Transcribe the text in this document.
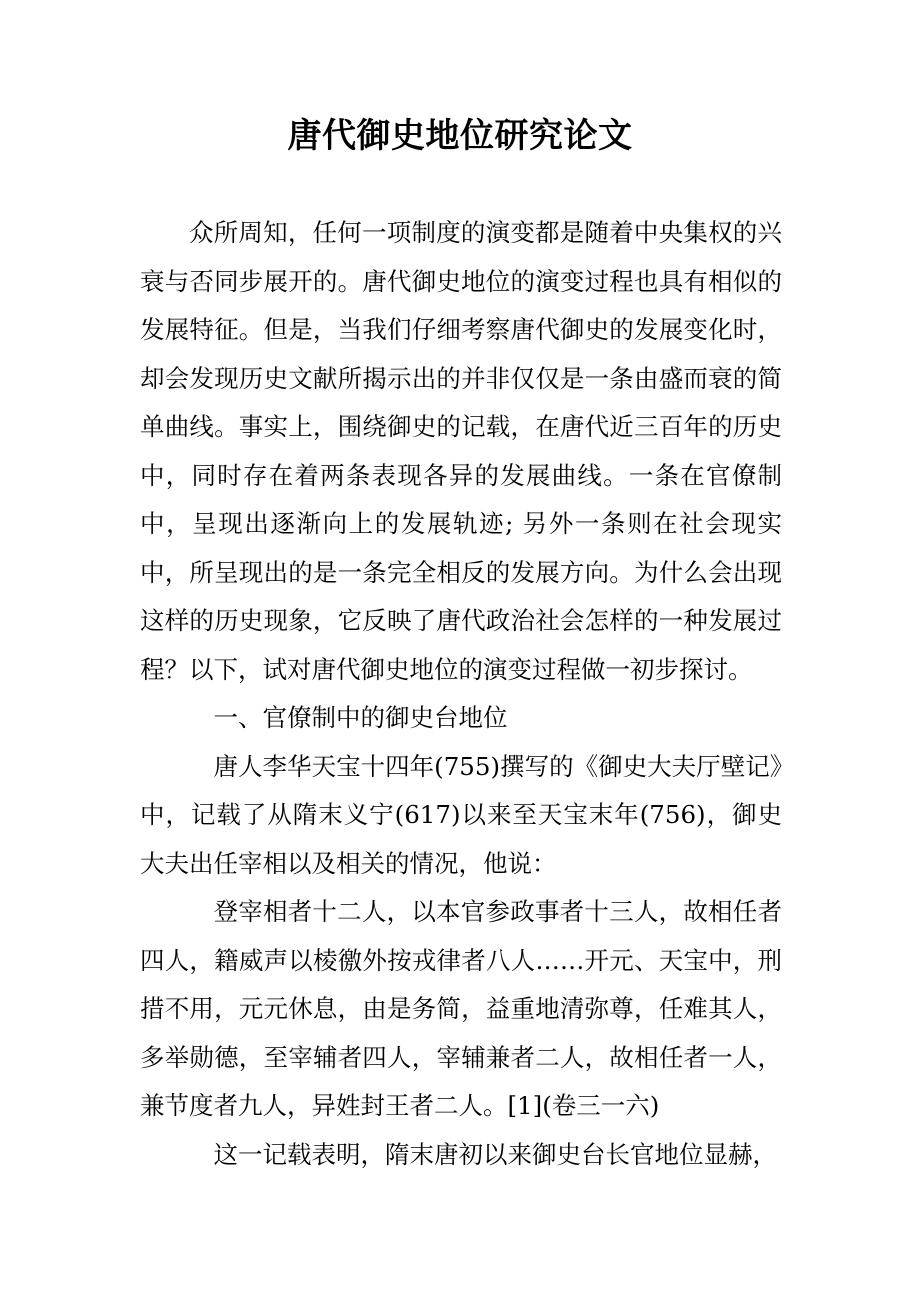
唐代御史地位研究论文

众所周知，任何一项制度的演变都是随着中央集权的兴衰与否同步展开的。唐代御史地位的演变过程也具有相似的发展特征。但是，当我们仔细考察唐代御史的发展变化时，却会发现历史文献所揭示出的并非仅仅是一条由盛而衰的简单曲线。事实上，围绕御史的记载，在唐代近三百年的历史中，同时存在着两条表现各异的发展曲线。一条在官僚制中，呈现出逐渐向上的发展轨迹; 另外一条则在社会现实中，所呈现出的是一条完全相反的发展方向。为什么会出现这样的历史现象，它反映了唐代政治社会怎样的一种发展过程？以下，试对唐代御史地位的演变过程做一初步探讨。

一、官僚制中的御史台地位

唐人李华天宝十四年(755)撰写的《御史大夫厅壁记》中，记载了从隋末义宁(617)以来至天宝末年(756)，御史大夫出任宰相以及相关的情况，他说：

登宰相者十二人，以本官参政事者十三人，故相任者四人，籍威声以棱徼外按戎律者八人……开元、天宝中，刑措不用，元元休息，由是务简，益重地清弥尊，任难其人，多举勋德，至宰辅者四人，宰辅兼者二人，故相任者一人，兼节度者九人，异姓封王者二人。[1](卷三一六)

这一记载表明，隋末唐初以来御史台长官地位显赫，
